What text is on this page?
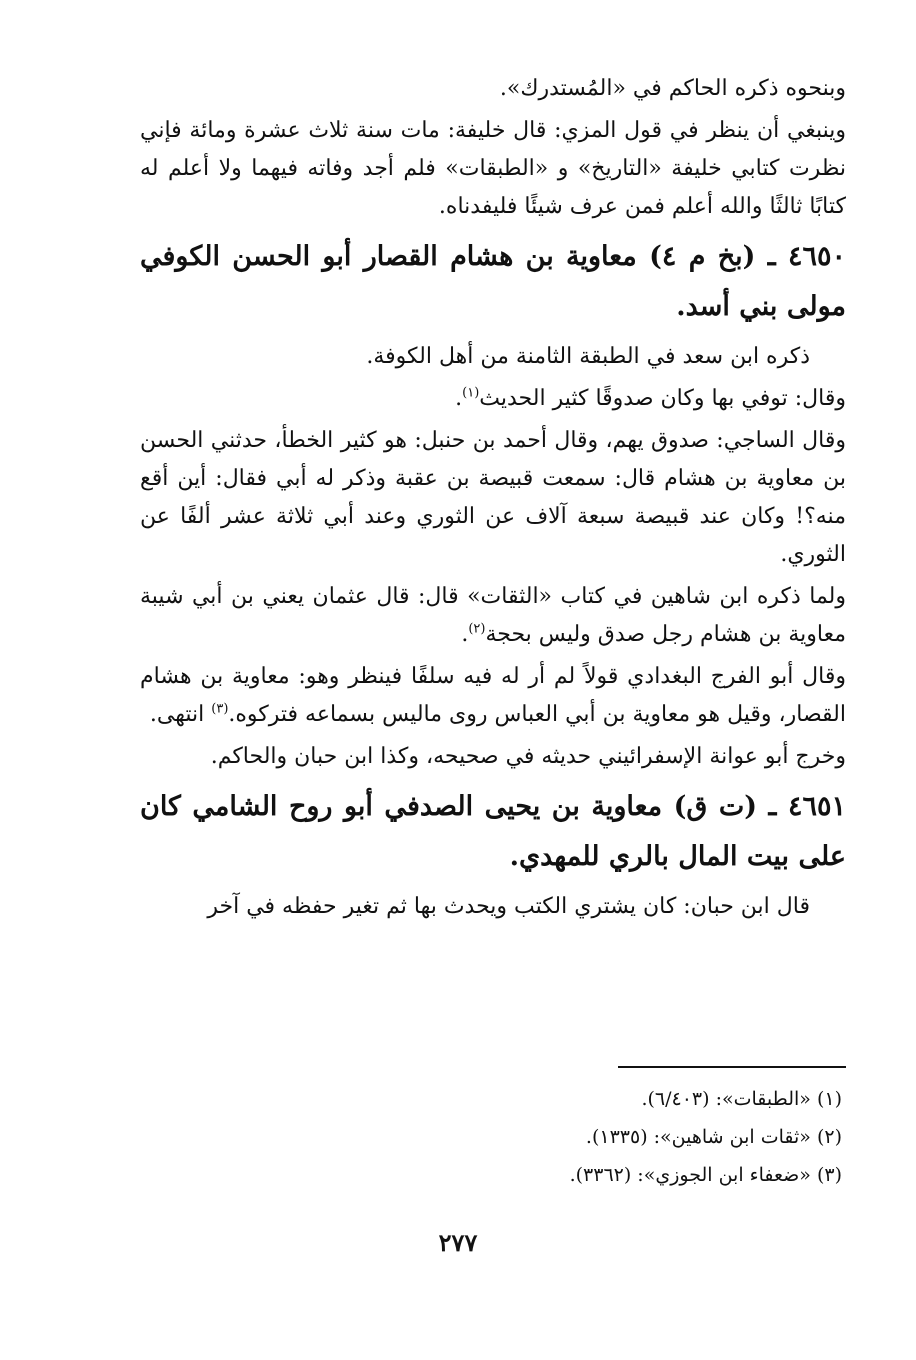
وبنحوه ذكره الحاكم في «المُستدرك».

وينبغي أن ينظر في قول المزي: قال خليفة: مات سنة ثلاث عشرة ومائة فإني نظرت كتابي خليفة «التاريخ» و «الطبقات» فلم أجد وفاته فيهما ولا أعلم له كتابًا ثالثًا والله أعلم فمن عرف شيئًا فليفدناه.

٤٦٥٠ ـ (بخ م ٤) معاوية بن هشام القصار أبو الحسن الكوفي مولى بني أسد.

ذكره ابن سعد في الطبقة الثامنة من أهل الكوفة.

وقال: توفي بها وكان صدوقًا كثير الحديث$^{(١)}$.

وقال الساجي: صدوق يهم، وقال أحمد بن حنبل: هو كثير الخطأ، حدثني الحسن بن معاوية بن هشام قال: سمعت قبيصة بن عقبة وذكر له أبي فقال: أين أقع منه؟! وكان عند قبيصة سبعة آلاف عن الثوري وعند أبي ثلاثة عشر ألفًا عن الثوري.

ولما ذكره ابن شاهين في كتاب «الثقات» قال: قال عثمان يعني بن أبي شيبة معاوية بن هشام رجل صدق وليس بحجة$^{(٢)}$.

وقال أبو الفرج البغدادي قولاً لم أر له فيه سلفًا فينظر وهو: معاوية بن هشام القصار، وقيل هو معاوية بن أبي العباس روى ماليس بسماعه فتركوه.$^{(٣)}$ انتهى.

وخرج أبو عوانة الإسفرائيني حديثه في صحيحه، وكذا ابن حبان والحاكم.

٤٦٥١ ـ (ت ق) معاوية بن يحيى الصدفي أبو روح الشامي كان على بيت المال بالري للمهدي.

قال ابن حبان: كان يشتري الكتب ويحدث بها ثم تغير حفظه في آخر

(١) «الطبقات»: (٦/٤٠٣).

(٢) «ثقات ابن شاهين»: (١٣٣٥).

(٣) «ضعفاء ابن الجوزي»: (٣٣٦٢).

٢٧٧
